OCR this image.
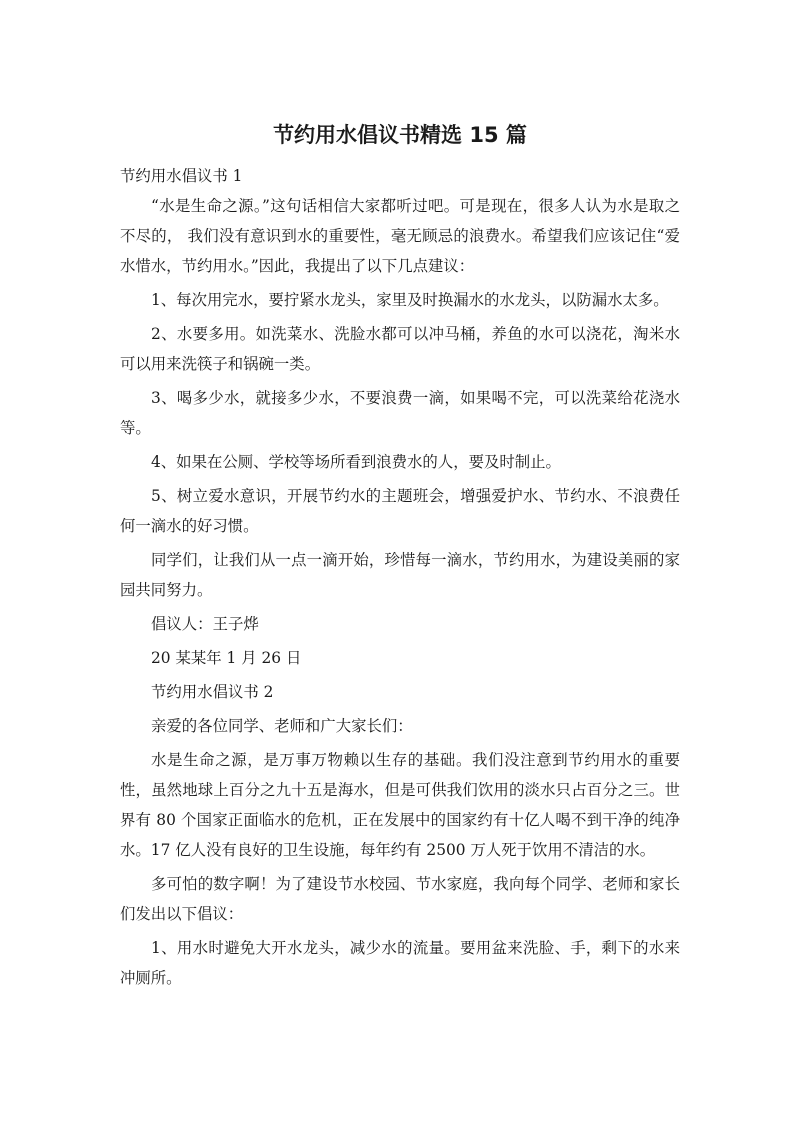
节约用水倡议书精选 15 篇

节约用水倡议书 1

“水是生命之源。”这句话相信大家都听过吧。可是现在，很多人认为水是取之不尽的， 我们没有意识到水的重要性，毫无顾忌的浪费水。希望我们应该记住“爱水惜水，节约用水。”因此，我提出了以下几点建议：

1、每次用完水，要拧紧水龙头，家里及时换漏水的水龙头，以防漏水太多。

2、水要多用。如洗菜水、洗脸水都可以冲马桶，养鱼的水可以浇花，淘米水可以用来洗筷子和锅碗一类。

3、喝多少水，就接多少水，不要浪费一滴，如果喝不完，可以洗菜给花浇水等。

4、如果在公厕、学校等场所看到浪费水的人，要及时制止。

5、树立爱水意识，开展节约水的主题班会，增强爱护水、节约水、不浪费任何一滴水的好习惯。

同学们，让我们从一点一滴开始，珍惜每一滴水，节约用水，为建设美丽的家园共同努力。

倡议人：王子烨

20 某某年 1 月 26 日

节约用水倡议书 2

亲爱的各位同学、老师和广大家长们：

水是生命之源，是万事万物赖以生存的基础。我们没注意到节约用水的重要性，虽然地球上百分之九十五是海水，但是可供我们饮用的淡水只占百分之三。世界有 80 个国家正面临水的危机，正在发展中的国家约有十亿人喝不到干净的纯净水。17 亿人没有良好的卫生设施，每年约有 2500 万人死于饮用不清洁的水。

多可怕的数字啊！为了建设节水校园、节水家庭，我向每个同学、老师和家长们发出以下倡议：

1、用水时避免大开水龙头，减少水的流量。要用盆来洗脸、手，剩下的水来冲厕所。
